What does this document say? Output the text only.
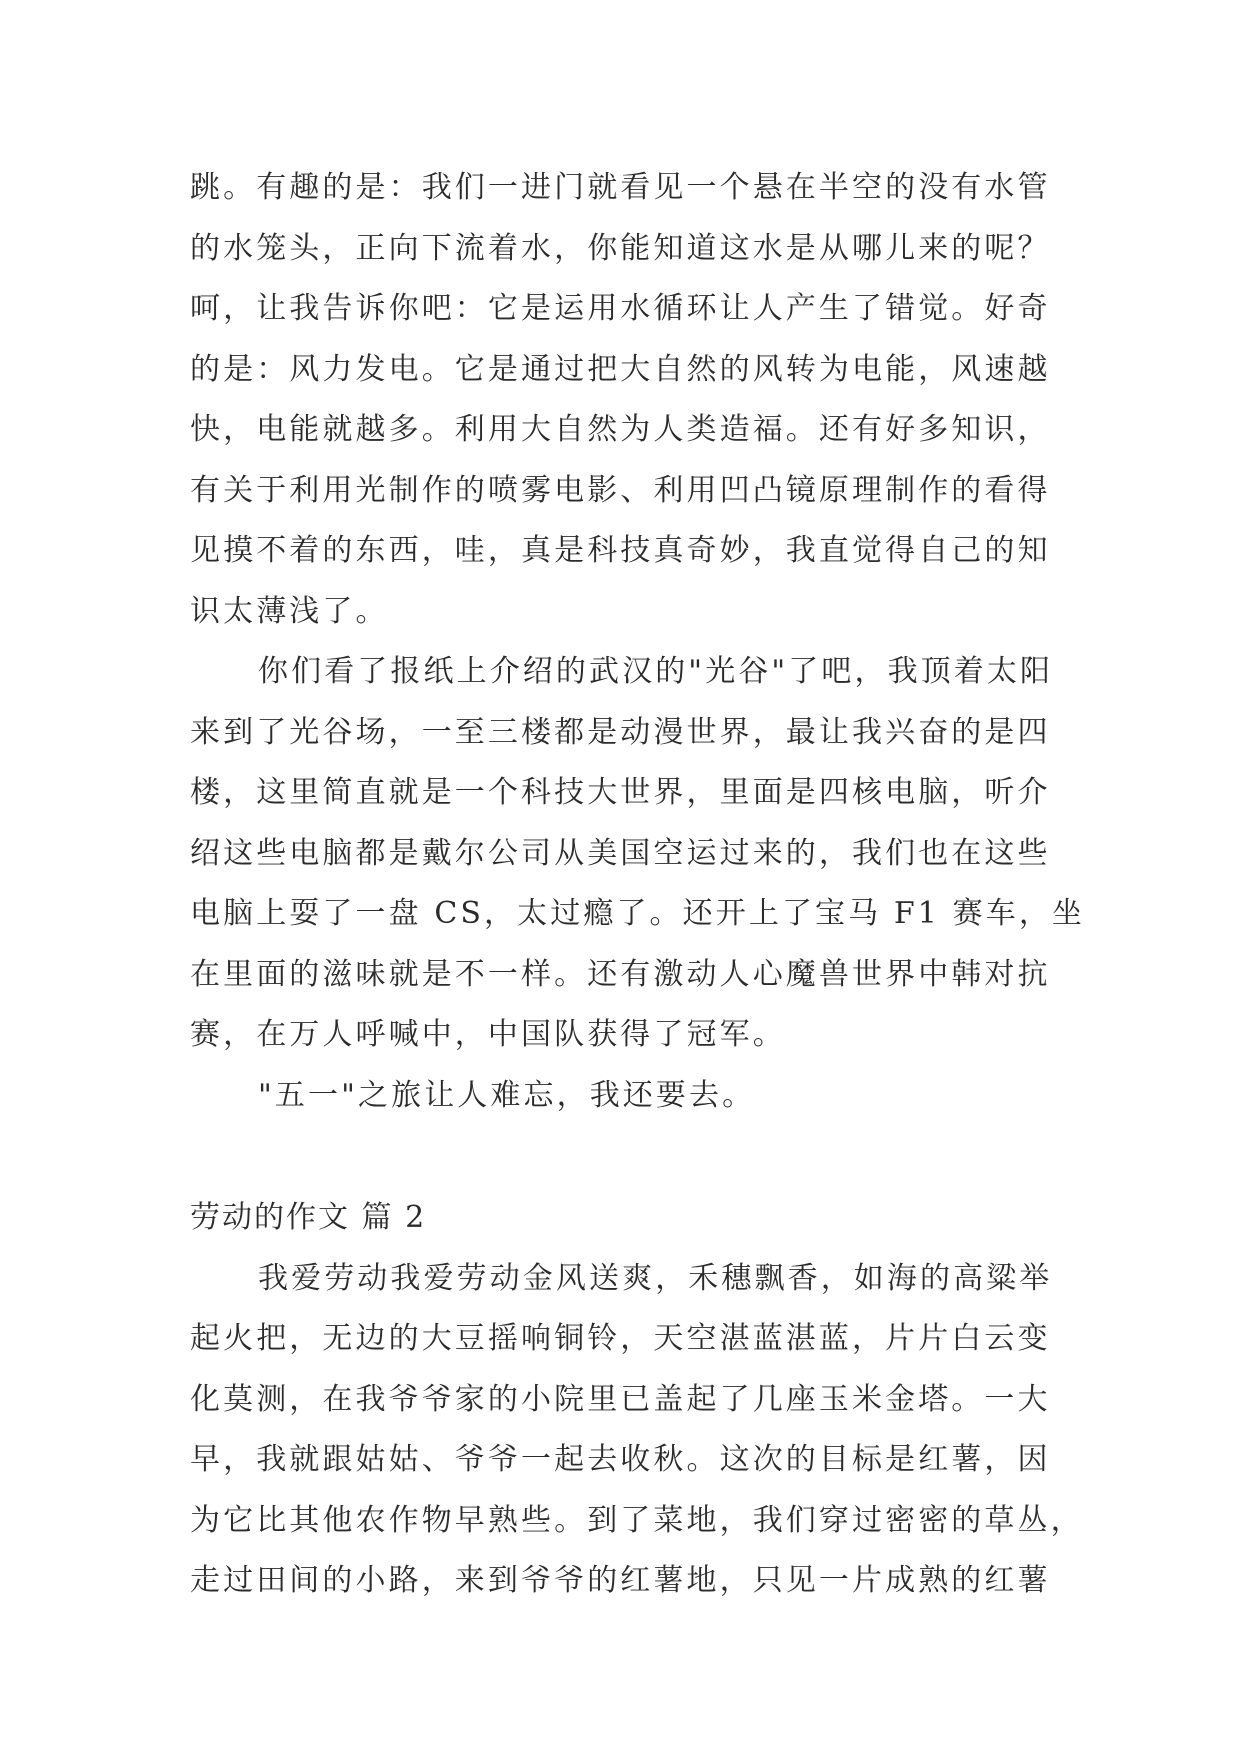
跳。有趣的是：我们一进门就看见一个悬在半空的没有水管
的水笼头，正向下流着水，你能知道这水是从哪儿来的呢？
呵，让我告诉你吧：它是运用水循环让人产生了错觉。好奇
的是：风力发电。它是通过把大自然的风转为电能，风速越
快，电能就越多。利用大自然为人类造福。还有好多知识，
有关于利用光制作的喷雾电影、利用凹凸镜原理制作的看得
见摸不着的东西，哇，真是科技真奇妙，我直觉得自己的知
识太薄浅了。
你们看了报纸上介绍的武汉的"光谷"了吧，我顶着太阳
来到了光谷场，一至三楼都是动漫世界，最让我兴奋的是四
楼，这里简直就是一个科技大世界，里面是四核电脑，听介
绍这些电脑都是戴尔公司从美国空运过来的，我们也在这些
电脑上耍了一盘 CS，太过瘾了。还开上了宝马 F1 赛车，坐
在里面的滋味就是不一样。还有激动人心魔兽世界中韩对抗
赛，在万人呼喊中，中国队获得了冠军。
"五一"之旅让人难忘，我还要去。
劳动的作文 篇 2
我爱劳动我爱劳动金风送爽，禾穗飘香，如海的高粱举
起火把，无边的大豆摇响铜铃，天空湛蓝湛蓝，片片白云变
化莫测，在我爷爷家的小院里已盖起了几座玉米金塔。一大
早，我就跟姑姑、爷爷一起去收秋。这次的目标是红薯，因
为它比其他农作物早熟些。到了菜地，我们穿过密密的草丛，
走过田间的小路，来到爷爷的红薯地，只见一片成熟的红薯
